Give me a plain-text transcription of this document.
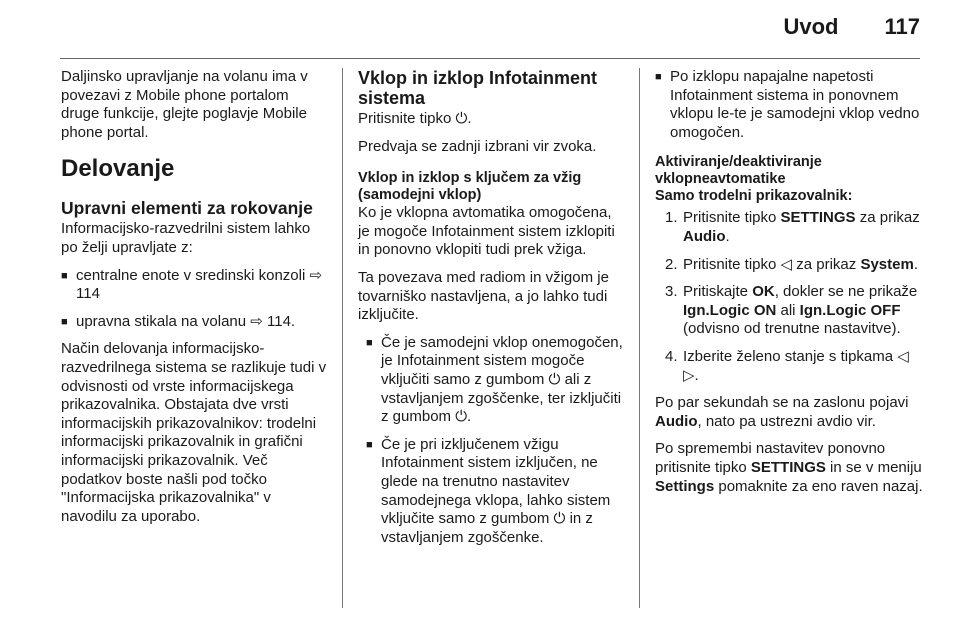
Uvod 117

Daljinsko upravljanje na volanu ima v povezavi z Mobile phone portalom druge funkcije, glejte poglavje Mobile phone portal.

Delovanje
Upravni elementi za rokovanje

Informacijsko-razvedrilni sistem lahko po želji upravljate z:

■ centralne enote v sredinski konzoli ⇨ 114
■ upravna stikala na volanu ⇨ 114.

Način delovanja informacijsko-razvedrilnega sistema se razlikuje tudi v odvisnosti od vrste informacijskega prikazovalnika. Obstajata dve vrsti informacijskih prikazovalnikov: trodelni informacijski prikazovalnik in grafični informacijski prikazovalnik. Več podatkov boste našli pod točko "Informacijska prikazovalnika" v navodilu za uporabo.

Vklop in izklop Infotainment sistema

Pritisnite tipko ⏻.

Predvaja se zadnji izbrani vir zvoka.

Vklop in izklop s ključem za vžig (samodejni vklop)

Ko je vklopna avtomatika omogočena, je mogoče Infotainment sistem izklopiti in ponovno vklopiti tudi prek vžiga.

Ta povezava med radiom in vžigom je tovarniško nastavljena, a jo lahko tudi izključite.

■ Če je samodejni vklop onemogočen, je Infotainment sistem mogoče vključiti samo z gumbom ⏻ ali z vstavljanjem zgoščenke, ter izključiti z gumbom ⏻.
■ Če je pri izključenem vžigu Infotainment sistem izključen, ne glede na trenutno nastavitev samodejnega vklopa, lahko sistem vključite samo z gumbom ⏻ in z vstavljanjem zgoščenke.
■ Po izklopu napajalne napetosti Infotainment sistema in ponovnem vklopu le-te je samodejni vklop vedno omogočen.
Aktiviranje/deaktiviranje vklopneavtomatike
Samo trodelni prikazovalnik:
1. Pritisnite tipko SETTINGS za prikaz Audio.
2. Pritisnite tipko ◁ za prikaz System.
3. Pritiskajte OK, dokler se ne prikaže Ign.Logic ON ali Ign.Logic OFF (odvisno od trenutne nastavitve).
4. Izberite želeno stanje s tipkama ◁ ▷.

Po par sekundah se na zaslonu pojavi Audio, nato pa ustrezni avdio vir.

Po spremembi nastavitev ponovno pritisnite tipko SETTINGS in se v meniju Settings pomaknite za eno raven nazaj.
